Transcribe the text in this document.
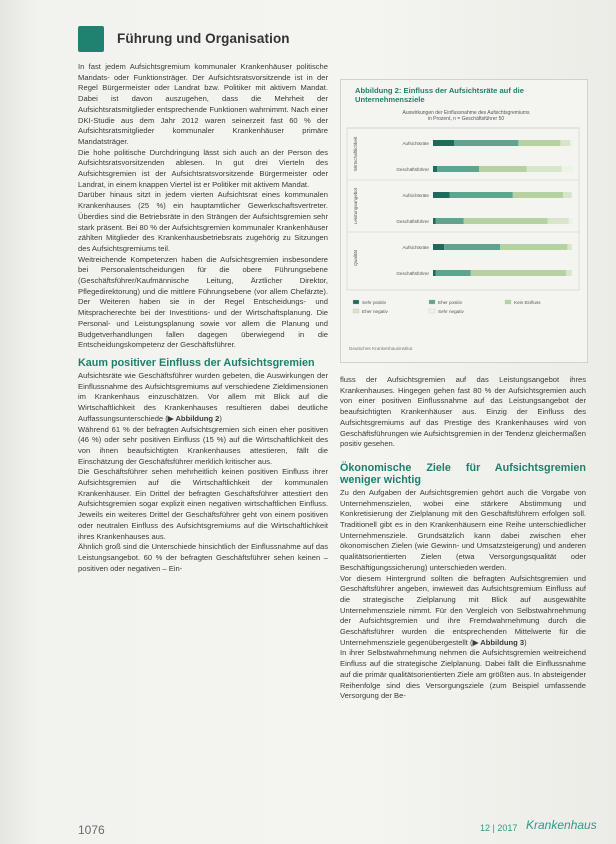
Führung und Organisation

In fast jedem Aufsichtsgremium kommunaler Krankenhäuser politische Mandats- oder Funktionsträger. Der Aufsichtsratsvorsitzende ist in der Regel Bürgermeister oder Landrat bzw. Politiker mit aktivem Mandat. Dabei ist davon auszugehen, dass die Mehrheit der Aufsichtsratsmitglieder entsprechende Funktionen wahrnimmt. Nach einer DKI-Studie aus dem Jahr 2012 waren seinerzeit fast 60 % der Aufsichtsratsmitglieder kommunaler Krankenhäuser primäre Mandatsträger.

Die hohe politische Durchdringung lässt sich auch an der Person des Aufsichtsratsvorsitzenden ablesen. In gut drei Vierteln des Aufsichtsgremien ist der Aufsichtsratsvorsitzende Bürgermeister oder Landrat, in einem knappen Viertel ist er Politiker mit aktivem Mandat.

Darüber hinaus sitzt in jedem vierten Aufsichtsrat eines kommunalen Krankenhauses (25 %) ein hauptamtlicher Gewerkschaftsvertreter. Überdies sind die Betriebsräte in den Strängen der Aufsichtsgremien sehr stark präsent. Bei 80 % der Aufsichtsgremien kommunaler Krankenhäuser zählten Mitglieder des Krankenhausbetriebsrats zugehörig zu Sitzungen des Aufsichtsgremiums teil.

Weitreichende Kompetenzen haben die Aufsichtsgremien insbesondere bei Personalentscheidungen für die obere Führungsebene (Geschäftsführer/Kaufmännische Leitung, Ärztlicher Direktor, Pflegedirektorung) und die mittlere Führungsebene (vor allem Chefärzte). Der Weiteren haben sie in der Regel Entscheidungs- und Mitspracherechte bei der Investitions- und der Wirtschaftsplanung. Die Personal- und Leistungsplanung sowie vor allem die Planung und Budgetverhandlungen fallen dagegen überwiegend in die Entscheidungskompetenz der Geschäftsführer.

Kaum positiver Einfluss der Aufsichtsgremien

Aufsichtsräte wie Geschäftsführer wurden gebeten, die Auswirkungen der Einflussnahme des Aufsichtsgremiums auf verschiedene Zieldimensionen im Krankenhaus einzuschätzen. Vor allem mit Blick auf die Wirtschaftlichkeit des Krankenhauses resultieren dabei deutliche Auffassungsunterschiede (▶ Abbildung 2)

Während 61 % der befragten Aufsichtsgremien sich einen eher positiven (46 %) oder sehr positiven Einfluss (15 %) auf die Wirtschaftlichkeit des von ihnen beaufsichtigten Krankenhauses attestieren, fällt die Einschätzung der Geschäftsführer merklich kritischer aus.

Die Geschäftsführer sehen mehrheitlich keinen positiven Einfluss ihrer Aufsichtsgremien auf die Wirtschaftlichkeit der kommunalen Krankenhäuser. Ein Drittel der befragten Geschäftsführer attestiert den Aufsichtsgremien sogar explizit einen negativen wirtschaftlichen Einfluss. Jeweils ein weiteres Drittel der Geschäftsführer geht von einem positiven oder neutralen Einfluss des Aufsichtsgremiums auf die Wirtschaftlichkeit ihres Krankenhauses aus.

Ähnlich groß sind die Unterschiede hinsichtlich der Einflussnahme auf das Leistungsangebot. 60 % der befragten Geschäftsführer sehen keinen – positiven oder negativen – Ein-

Abbildung 2: Einfluss der Aufsichtsräte auf die Unternehmensziele
Auswirkungen der Einflussnahme des Aufsichtsgremiums
in Prozent, n = Geschäftsführer 50
Wirtschaftlichkeit
Leistungsangebot
Qualität
Aufsichtsräte
Geschäftsführer
Aufsichtsräte
Geschäftsführer
Aufsichtsräte
Geschäftsführer
Sehr positiv	Eher positiv	Kein Einfluss
Eher negativ	Sehr negativ
Deutsches Krankenhausinstitut

fluss der Aufsichtsgremien auf das Leistungsangebot ihres Krankenhauses. Hingegen gehen fast 80 % der Aufsichtsgremien auch von einer positiven Einflussnahme auf das Leistungsangebot der beaufsichtigten Krankenhäuser aus. Einzig der Einfluss des Aufsichtsgremiums auf das Prestige des Krankenhauses wird von Geschäftsführungen wie Aufsichtsgremien in der Tendenz gleichermaßen positiv gesehen.

Ökonomische Ziele für Aufsichtsgremien weniger wichtig

Zu den Aufgaben der Aufsichtsgremien gehört auch die Vorgabe von Unternehmenszielen, wobei eine stärkere Abstimmung und Konkretisierung der Zielplanung mit den Geschäftsführern erfolgen soll. Traditionell gibt es in den Krankenhäusern eine Reihe unterschiedlicher Unternehmensziele. Grundsätzlich kann dabei zwischen eher ökonomischen Zielen (wie Gewinn- und Umsatzsteigerung) und anderen qualitätsorientierten Zielen (etwa Versorgungsqualität oder Beschäftigungssicherung) unterschieden werden.

Vor diesem Hintergrund sollten die befragten Aufsichtsgremien und Geschäftsführer angeben, inwieweit das Aufsichtsgremium Einfluss auf die strategische Zielplanung mit Blick auf ausgewählte Unternehmensziele nimmt. Für den Vergleich von Selbstwahrnehmung der Aufsichtsgremien und ihre Fremdwahrnehmung durch die Geschäftsführer wurden die entsprechenden Mittelwerte für die Unternehmensziele gegenübergestellt (▶ Abbildung 3)

In ihrer Selbstwahrnehmung nehmen die Aufsichtsgremien weitreichend Einfluss auf die strategische Zielplanung. Dabei fällt die Einflussnahme auf die primär qualitätsorientierten Ziele am größten aus. In absteigender Reihenfolge sind dies Versorgungsziele (zum Beispiel umfassende Versorgung der Be-

1076	12 | 2017 Krankenhaus
